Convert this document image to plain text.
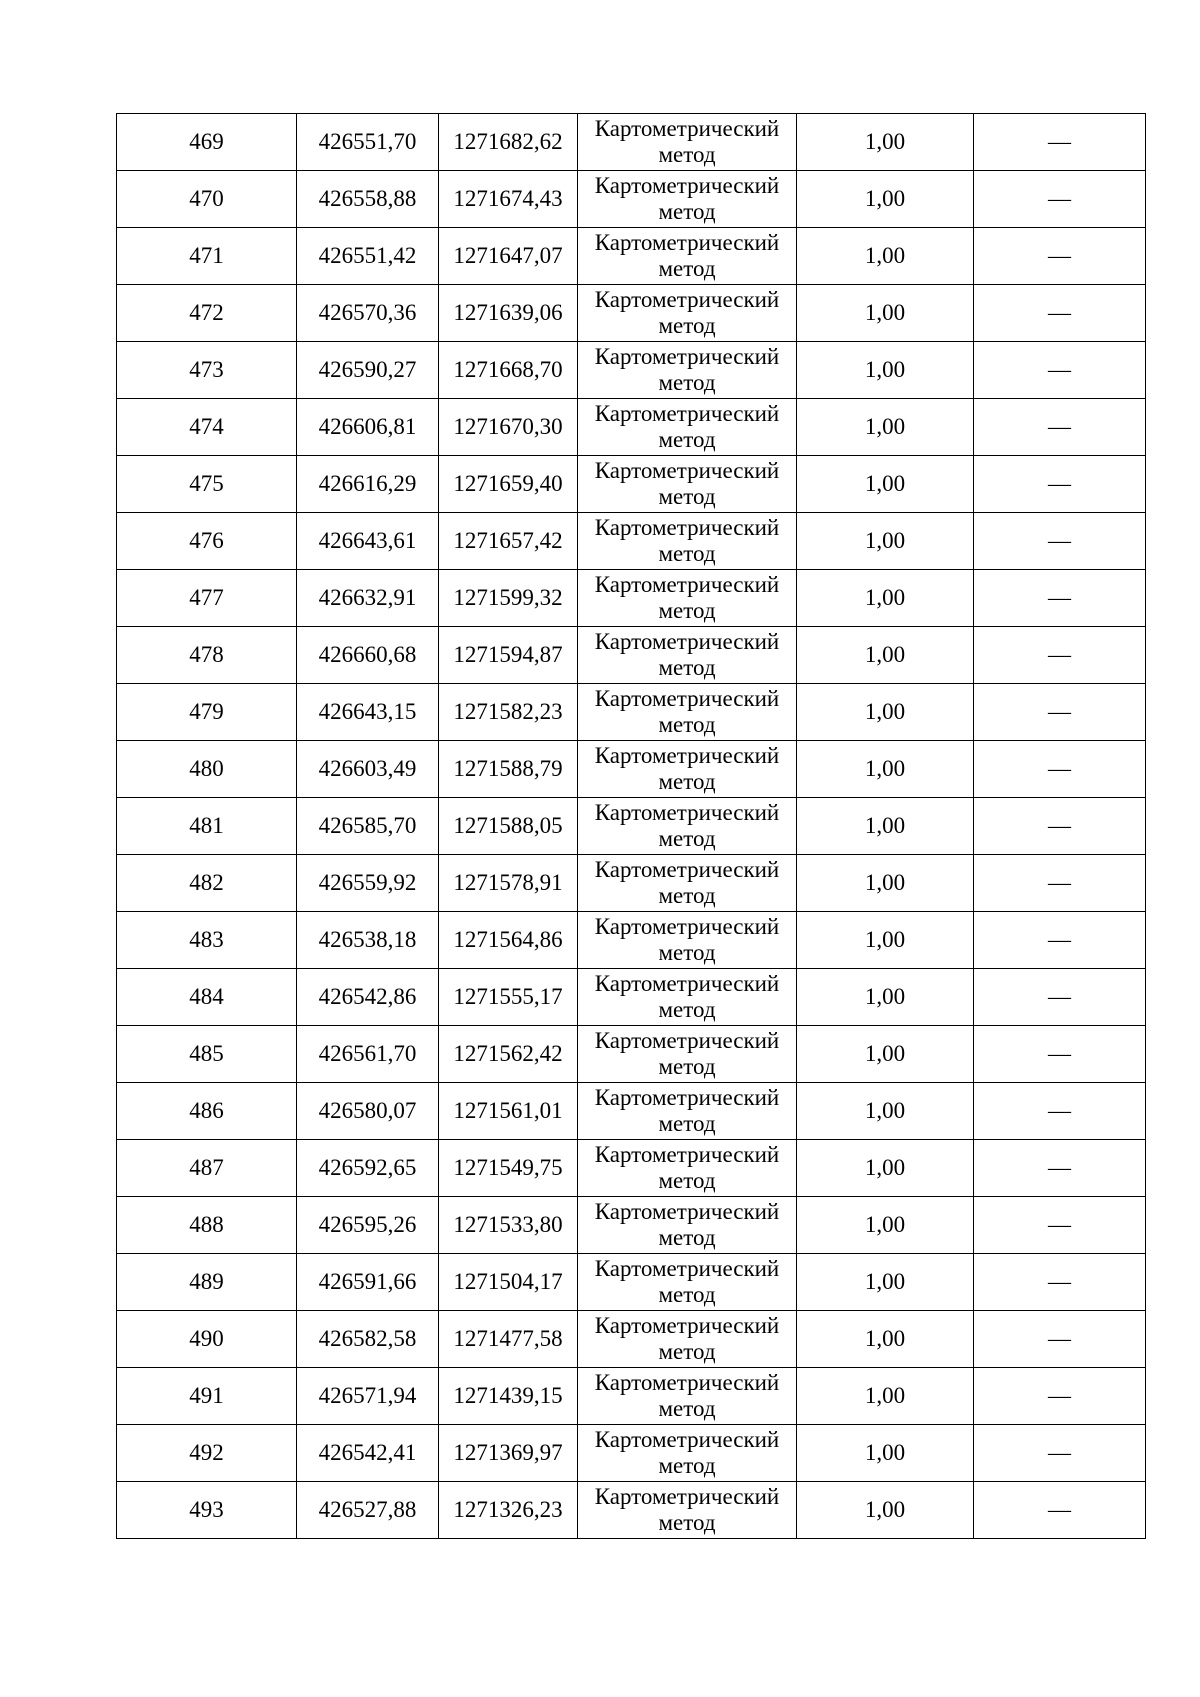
469	426551,70	1271682,62	Картометрический метод	1,00	—
470	426558,88	1271674,43	Картометрический метод	1,00	—
471	426551,42	1271647,07	Картометрический метод	1,00	—
472	426570,36	1271639,06	Картометрический метод	1,00	—
473	426590,27	1271668,70	Картометрический метод	1,00	—
474	426606,81	1271670,30	Картометрический метод	1,00	—
475	426616,29	1271659,40	Картометрический метод	1,00	—
476	426643,61	1271657,42	Картометрический метод	1,00	—
477	426632,91	1271599,32	Картометрический метод	1,00	—
478	426660,68	1271594,87	Картометрический метод	1,00	—
479	426643,15	1271582,23	Картометрический метод	1,00	—
480	426603,49	1271588,79	Картометрический метод	1,00	—
481	426585,70	1271588,05	Картометрический метод	1,00	—
482	426559,92	1271578,91	Картометрический метод	1,00	—
483	426538,18	1271564,86	Картометрический метод	1,00	—
484	426542,86	1271555,17	Картометрический метод	1,00	—
485	426561,70	1271562,42	Картометрический метод	1,00	—
486	426580,07	1271561,01	Картометрический метод	1,00	—
487	426592,65	1271549,75	Картометрический метод	1,00	—
488	426595,26	1271533,80	Картометрический метод	1,00	—
489	426591,66	1271504,17	Картометрический метод	1,00	—
490	426582,58	1271477,58	Картометрический метод	1,00	—
491	426571,94	1271439,15	Картометрический метод	1,00	—
492	426542,41	1271369,97	Картометрический метод	1,00	—
493	426527,88	1271326,23	Картометрический метод	1,00	—
